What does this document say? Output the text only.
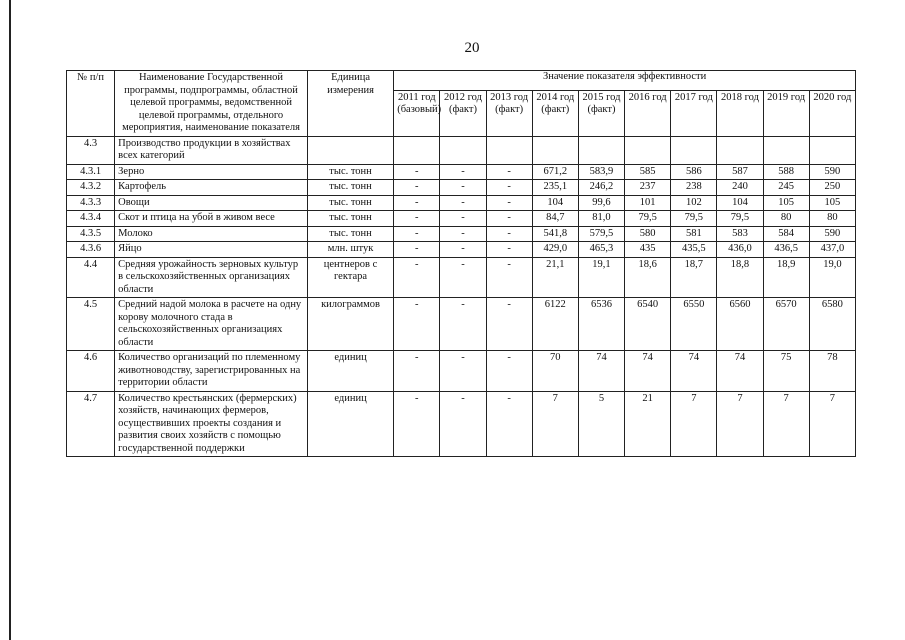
20
№ п/п	Наименование Государственной программы, подпрограммы, областной целевой программы, ведомственной целевой программы, отдельного мероприятия, наименование показателя	Единица измерения	Значение показателя эффективности									
			2011 год (базовый)	2012 год (факт)	2013 год (факт)	2014 год (факт)	2015 год (факт)	2016 год	2017 год	2018 год	2019 год	2020 год
4.3	Производство продукции в хозяйствах всех категорий											
4.3.1	Зерно	тыс. тонн	-	-	-	671,2	583,9	585	586	587	588	590
4.3.2	Картофель	тыс. тонн	-	-	-	235,1	246,2	237	238	240	245	250
4.3.3	Овощи	тыс. тонн	-	-	-	104	99,6	101	102	104	105	105
4.3.4	Скот и птица на убой в живом весе	тыс. тонн	-	-	-	84,7	81,0	79,5	79,5	79,5	80	80
4.3.5	Молоко	тыс. тонн	-	-	-	541,8	579,5	580	581	583	584	590
4.3.6	Яйцо	млн. штук	-	-	-	429,0	465,3	435	435,5	436,0	436,5	437,0
4.4	Средняя урожайность зерновых культур в сельскохозяйственных организациях области	центнеров с гектара	-	-	-	21,1	19,1	18,6	18,7	18,8	18,9	19,0
4.5	Средний надой молока в расчете на одну корову молочного стада в сельскохозяйственных организациях области	килограммов	-	-	-	6122	6536	6540	6550	6560	6570	6580
4.6	Количество организаций по племенному животноводству, зарегистрированных на территории области	единиц	-	-	-	70	74	74	74	74	75	78
4.7	Количество крестьянских (фермерских) хозяйств, начинающих фермеров, осуществивших проекты создания и развития своих хозяйств с помощью государственной поддержки	единиц	-	-	-	7	5	21	7	7	7	7
